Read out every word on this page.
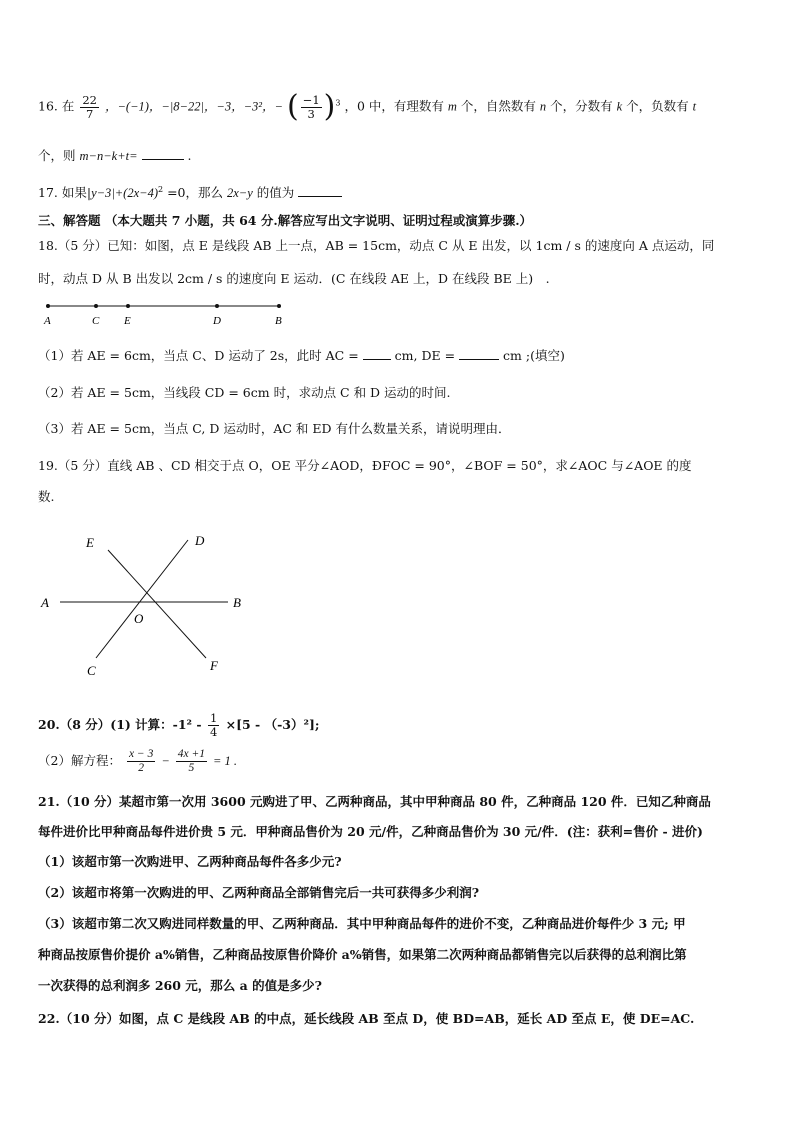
16. 在 $\frac{22}{7}$ ，−(−1)，−|8−22|，−3，−3²，− ( $\frac{-1}{3} )^3$ ，0 中，有理数有 m 个，自然数有 n 个，分数有 k 个，负数有 t
个，则 m−n−k+t=	.
17. 如果$|y-3|+(2x-4)^2 =0$，那么 2x−y 的值为
三、解答题 （本大题共 7 小题，共 64 分.解答应写出文字说明、证明过程或演算步骤.）
18.（5 分）已知：如图，点 E 是线段 AB 上一点，AB = 15cm，动点 C 从 E 出发，以 1cm / s 的速度向 A 点运动，同
时，动点 D 从 B 出发以 2cm / s 的速度向 E 运动．(C 在线段 AE 上，D 在线段 BE 上)　.
A	C E	D	B
（1）若 AE = 6cm，当点 C、D 运动了 2s，此时 AC =	cm, DE =	cm ;(填空)
（2）若 AE = 5cm，当线段 CD = 6cm 时，求动点 C 和 D 运动的时间.
（3）若 AE = 5cm，当点 C, D 运动时，AC 和 ED 有什么数量关系，请说明理由．
19.（5 分）直线 AB 、CD 相交于点 O，OE 平分∠AOD，ÐFOC = 90°，∠BOF = 50°，求∠AOC 与∠AOE 的度
数.
E	D
A	B
O
C	F
20.（8 分）(1) 计算：$-1^2 - \frac{1}{4} \times[5 - (-3)^2]$;
（2）解方程： $\frac{x - 3}{2} - \frac{4x +1}{5} = 1$ .
21.（10 分）某超市第一次用 3600 元购进了甲、乙两种商品，其中甲种商品 80 件，乙种商品 120 件．已知乙种商品
每件进价比甲种商品每件进价贵 5 元．甲种商品售价为 20 元/件，乙种商品售价为 30 元/件．(注：获利=售价 - 进价)
（1）该超市第一次购进甲、乙两种商品每件各多少元?
（2）该超市将第一次购进的甲、乙两种商品全部销售完后一共可获得多少利润?
（3）该超市第二次又购进同样数量的甲、乙两种商品．其中甲种商品每件的进价不变，乙种商品进价每件少 3 元; 甲
种商品按原售价提价 a%销售，乙种商品按原售价降价 a%销售，如果第二次两种商品都销售完以后获得的总利润比第
一次获得的总利润多 260 元，那么 a 的值是多少?
22.（10 分）如图，点 C 是线段 AB 的中点，延长线段 AB 至点 D，使 BD=AB，延长 AD 至点 E，使 DE=AC.
